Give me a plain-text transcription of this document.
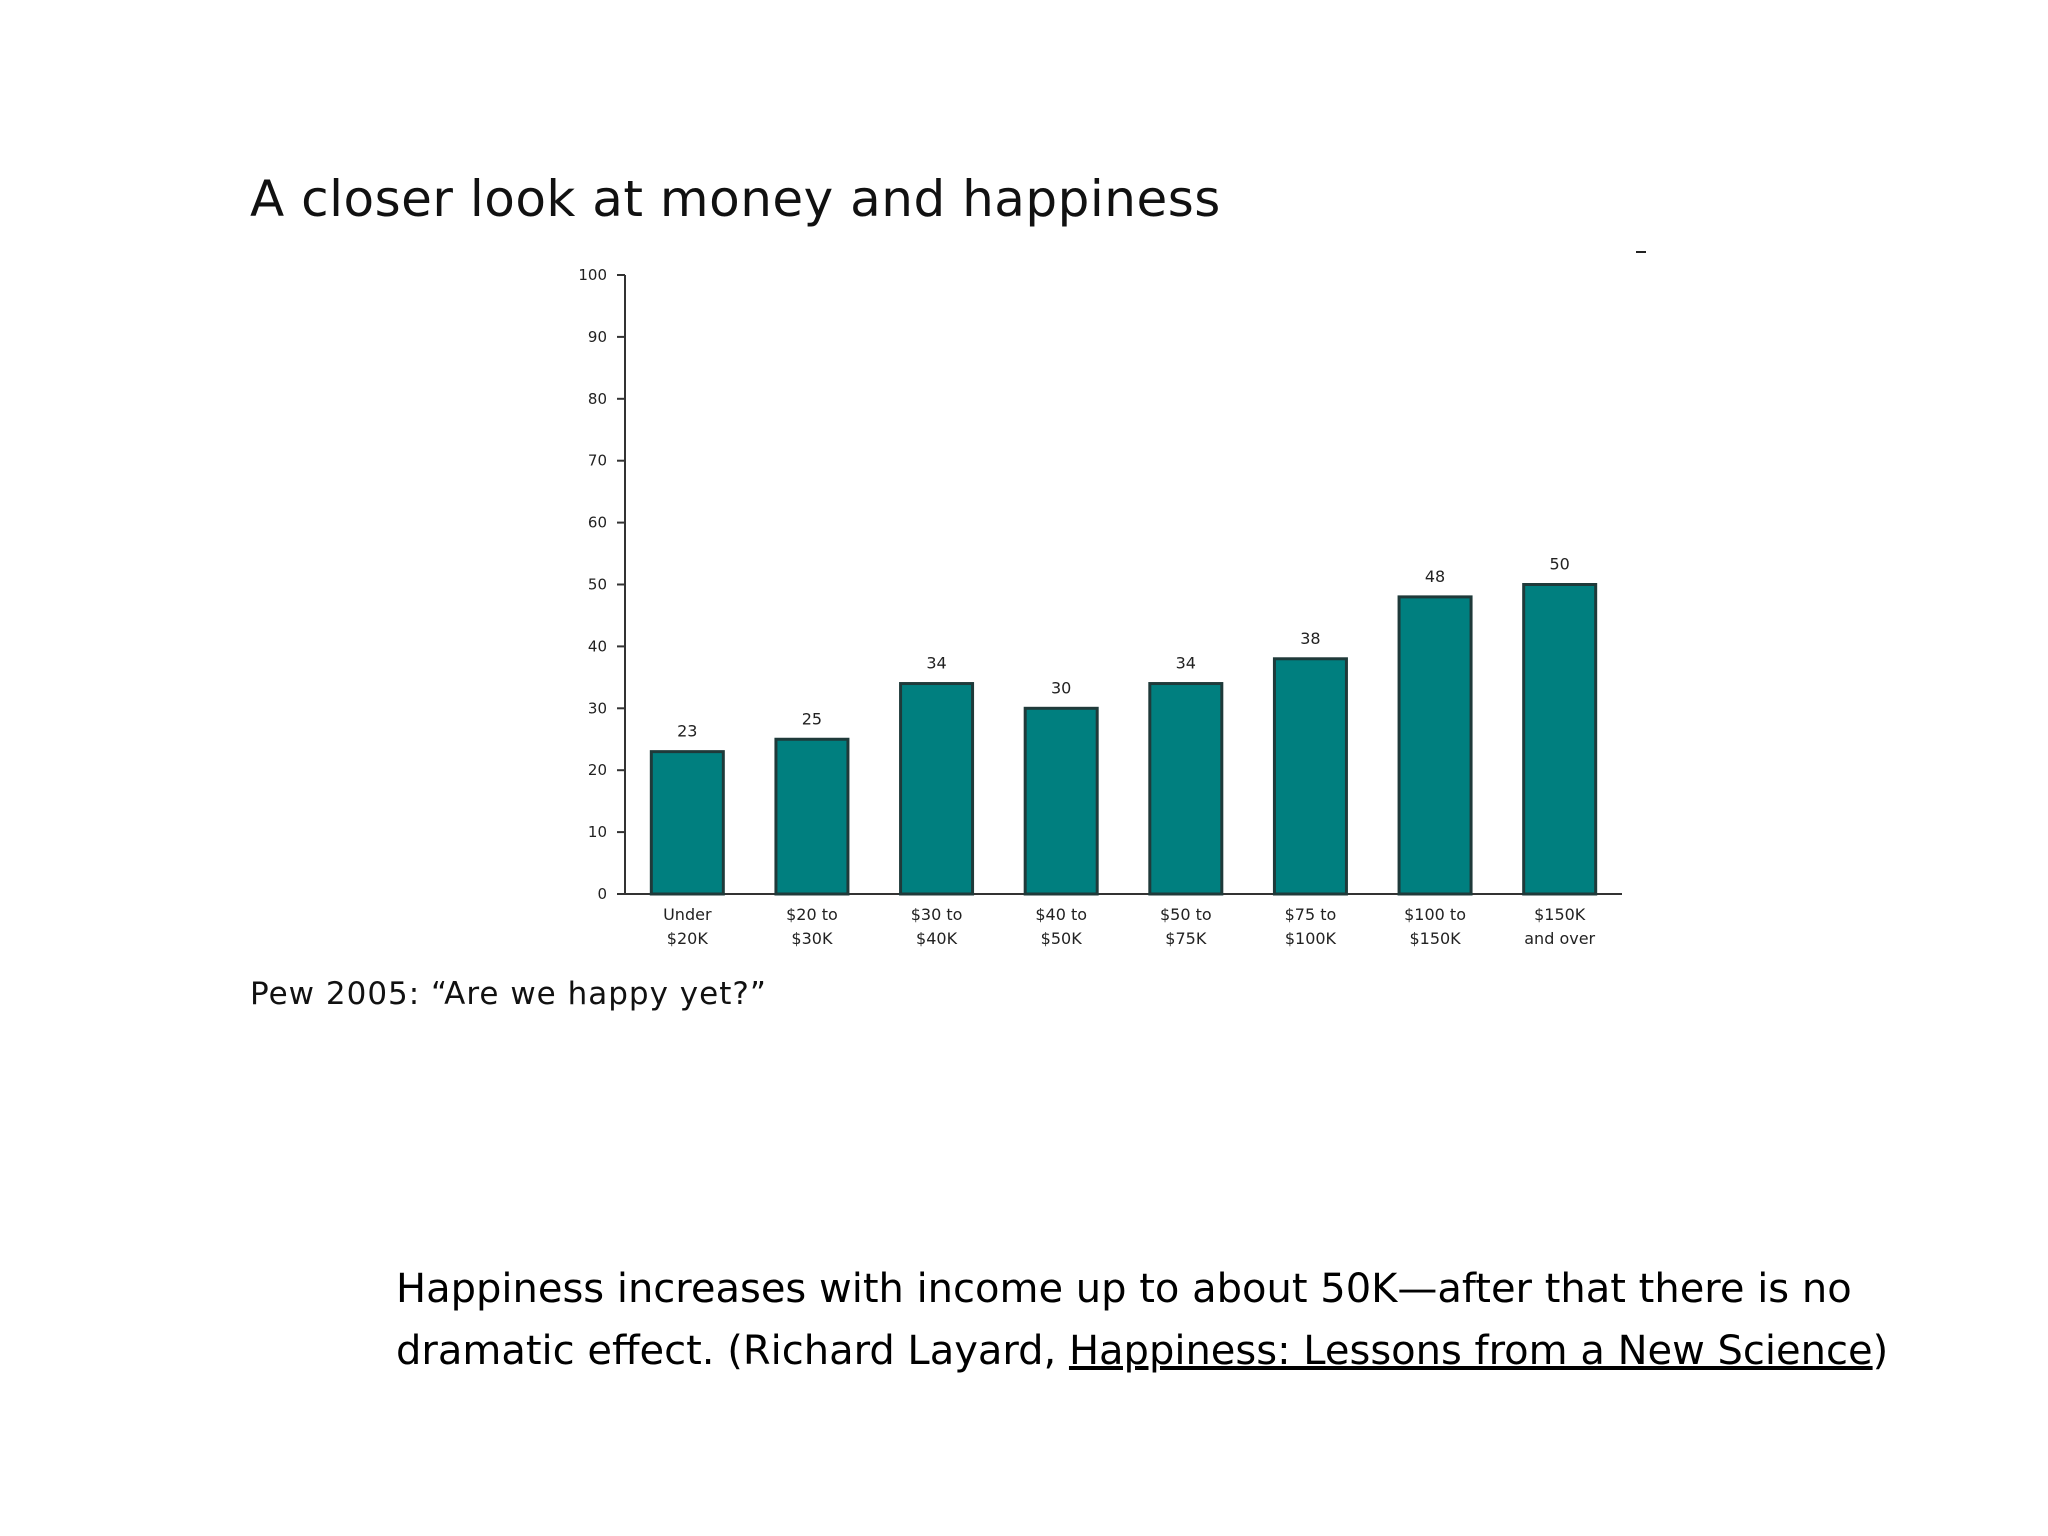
A closer look at money and happiness
0
10
20
30
40
50
60
70
80
90
100
23
Under
$20K
25
$20 to
$30K
34
$30 to
$40K
30
$40 to
$50K
34
$50 to
$75K
38
$75 to
$100K
48
$100 to
$150K
50
$150K
and over
Pew 2005: “Are we happy yet?”
Happiness increases with income up to about 50K—after that there is no dramatic effect. (Richard Layard, Happiness: Lessons from a New Science)
